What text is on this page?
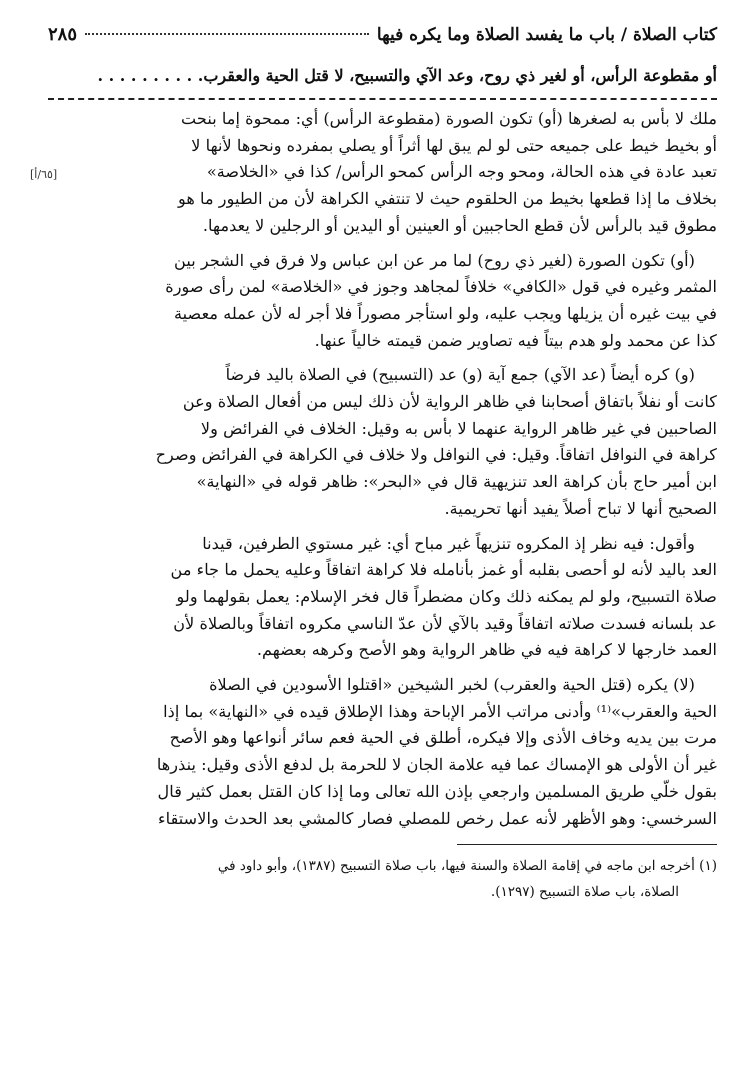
كتاب الصلاة / باب ما يفسد الصلاة وما يكره فيها
٢٨٥
أو مقطوعة الرأس، أو لغير ذي روح، وعد الآي والتسبيح، لا قتل الحية والعقرب. . . . . . . . . .
[٦٥/أ]
ملك لا بأس به لصغرها (أو) تكون الصورة (مقطوعة الرأس) أي: ممحوة إما بنحت
أو بخيط خيط على جميعه حتى لو لم يبق لها أثراً أو يصلي بمفرده ونحوها لأنها لا
تعبد عادة في هذه الحالة، ومحو وجه الرأس كمحو الرأس/ كذا في «الخلاصة»
بخلاف ما إذا قطعها بخيط من الحلقوم حيث لا تنتفي الكراهة لأن من الطيور ما هو
مطوق قيد بالرأس لأن قطع الحاجبين أو العينين أو اليدين أو الرجلين لا يعدمها.
(أو) تكون الصورة (لغير ذي روح) لما مر عن ابن عباس ولا فرق في الشجر بين
المثمر وغيره في قول «الكافي» خلافاً لمجاهد وجوز في «الخلاصة» لمن رأى صورة
في بيت غيره أن يزيلها ويجب عليه، ولو استأجر مصوراً فلا أجر له لأن عمله معصية
كذا عن محمد ولو هدم بيتاً فيه تصاوير ضمن قيمته خالياً عنها.
(و) كره أيضاً (عد الآي) جمع آية (و) عد (التسبيح) في الصلاة باليد فرضاً
كانت أو نفلاً باتفاق أصحابنا في ظاهر الرواية لأن ذلك ليس من أفعال الصلاة وعن
الصاحبين في غير ظاهر الرواية عنهما لا بأس به وقيل: الخلاف في الفرائض ولا
كراهة في النوافل اتفاقاً. وقيل: في النوافل ولا خلاف في الكراهة في الفرائض وصرح
ابن أمير حاج بأن كراهة العد تنزيهية قال في «البحر»: ظاهر قوله في «النهاية»
الصحيح أنها لا تباح أصلاً يفيد أنها تحريمية.
وأقول: فيه نظر إذ المكروه تنزيهاً غير مباح أي: غير مستوي الطرفين، قيدنا
العد باليد لأنه لو أحصى بقلبه أو غمز بأنامله فلا كراهة اتفاقاً وعليه يحمل ما جاء من
صلاة التسبيح، ولو لم يمكنه ذلك وكان مضطراً قال فخر الإسلام: يعمل بقولهما ولو
عد بلسانه فسدت صلاته اتفاقاً وقيد بالآي لأن عدّ الناسي مكروه اتفاقاً وبالصلاة لأن
العمد خارجها لا كراهة فيه في ظاهر الرواية وهو الأصح وكرهه بعضهم.
(لا) يكره (قتل الحية والعقرب) لخبر الشيخين «اقتلوا الأسودين في الصلاة
الحية والعقرب»⁽¹⁾ وأدنى مراتب الأمر الإباحة وهذا الإطلاق قيده في «النهاية» بما إذا
مرت بين يديه وخاف الأذى وإلا فيكره، أطلق في الحية فعم سائر أنواعها وهو الأصح
غير أن الأولى هو الإمساك عما فيه علامة الجان لا للحرمة بل لدفع الأذى وقيل: ينذرها
بقول خلّي طريق المسلمين وارجعي بإذن الله تعالى وما إذا كان القتل بعمل كثير قال
السرخسي: وهو الأظهر لأنه عمل رخص للمصلي فصار كالمشي بعد الحدث والاستقاء
(١) أخرجه ابن ماجه في إقامة الصلاة والسنة فيها، باب صلاة التسبيح (١٣٨٧)، وأبو داود في
الصلاة، باب صلاة التسبيح (١٢٩٧).
